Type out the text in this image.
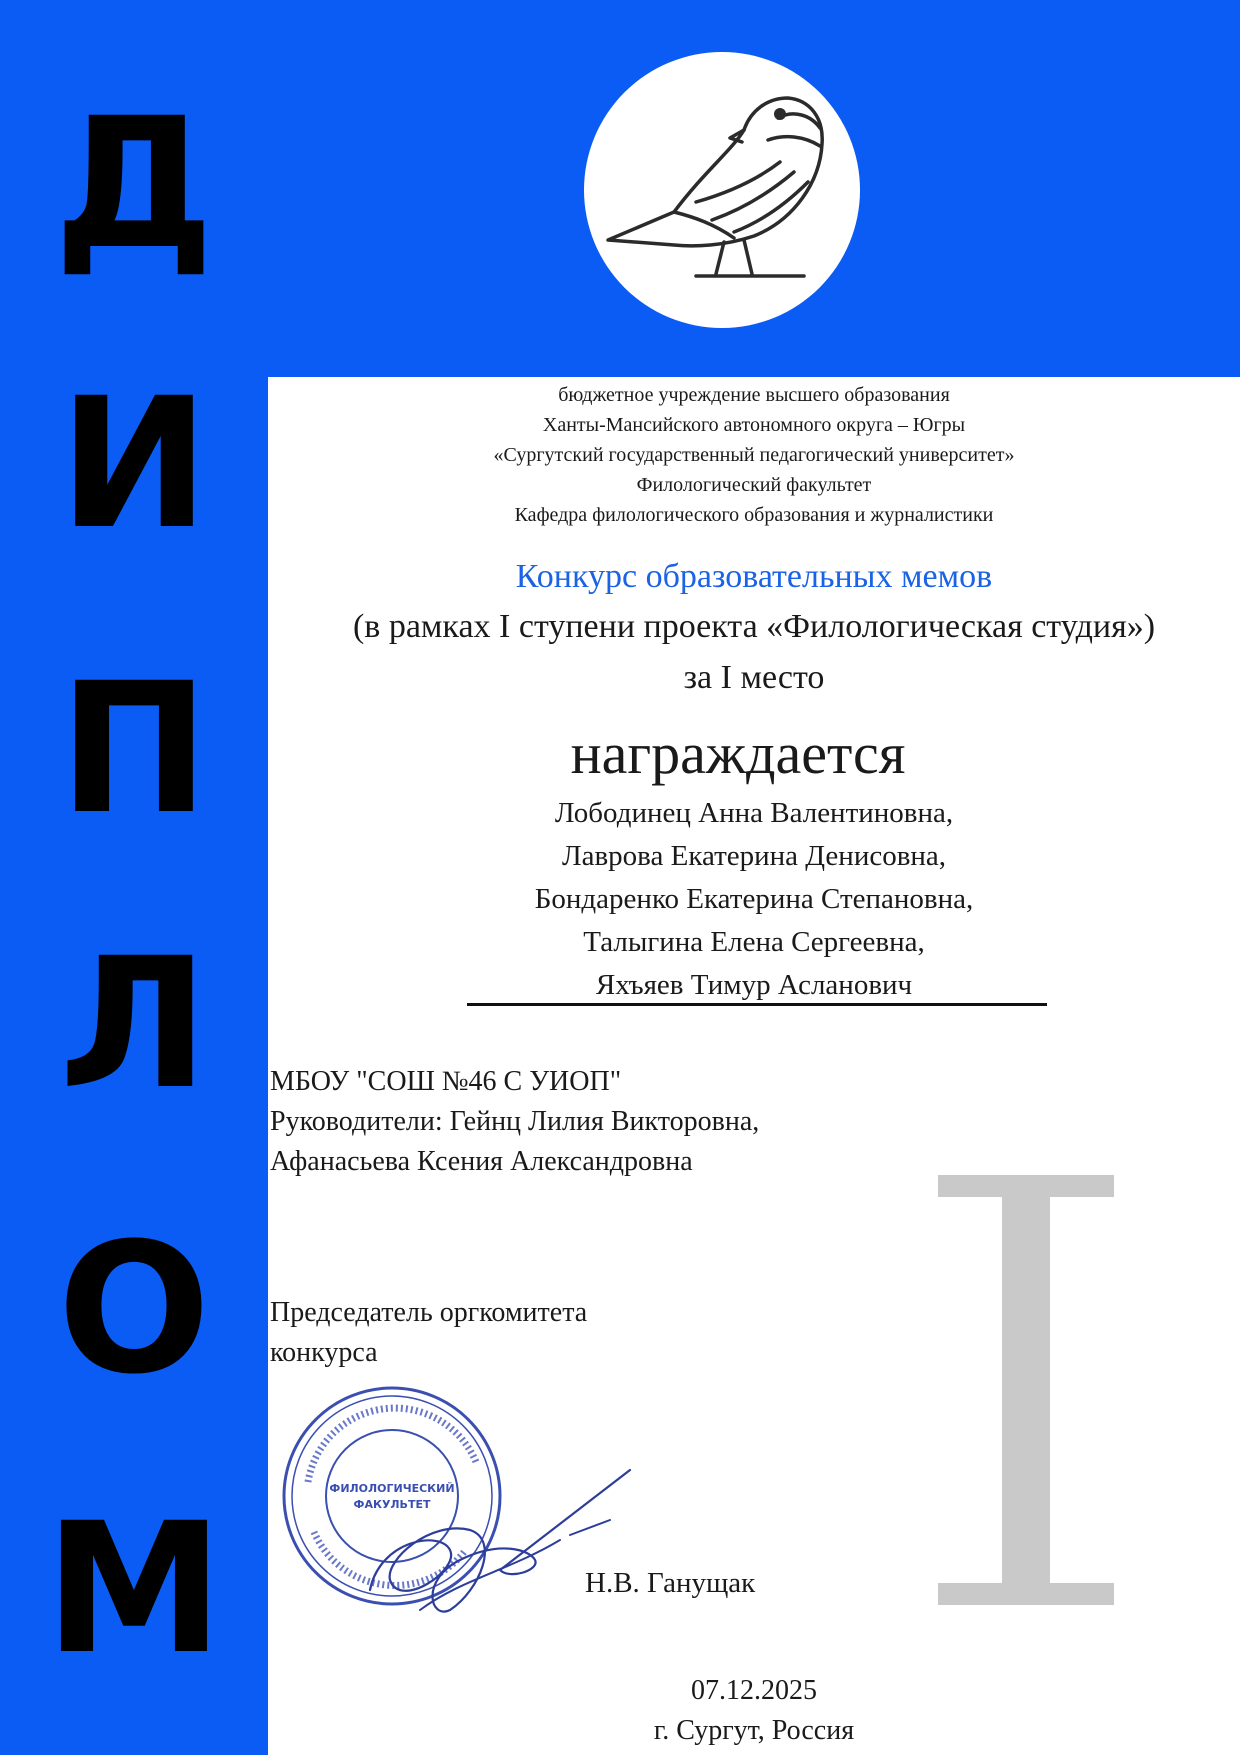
Д
И
П
Л
О
М
бюджетное учреждение высшего образования
Ханты-Мансийского автономного округа – Югры
«Сургутский государственный педагогический университет»
Филологический факультет
Кафедра филологического образования и журналистики
Конкурс образовательных мемов
(в рамках I ступени проекта «Филологическая студия»)
за I место
награждается
Лободинец Анна Валентиновна,
Лаврова Екатерина Денисовна,
Бондаренко Екатерина Степановна,
Талыгина Елена Сергеевна,
Яхъяев Тимур Асланович
МБОУ "СОШ №46 С УИОП"
Руководители: Гейнц Лилия Викторовна,
Афанасьева Ксения Александровна
Председатель оргкомитета
конкурса
ФИЛОЛОГИЧЕСКИЙ
ФАКУЛЬТЕТ
Н.В. Ганущак
07.12.2025
г. Сургут, Россия
